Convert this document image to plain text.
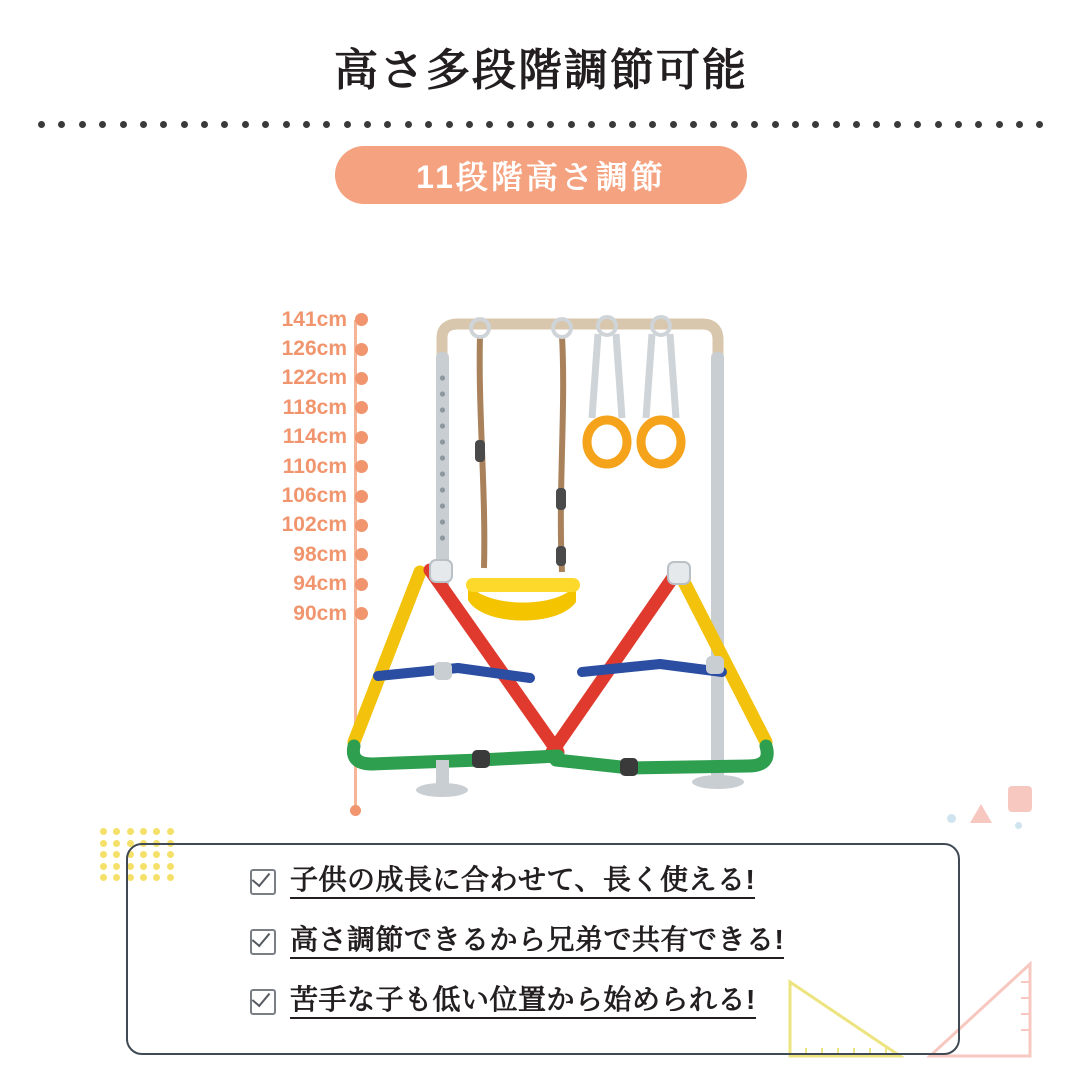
高さ多段階調節可能
11段階高さ調節
141cm
126cm
122cm
118cm
114cm
110cm
106cm
102cm
98cm
94cm
90cm
子供の成長に合わせて、長く使える!
高さ調節できるから兄弟で共有できる!
苦手な子も低い位置から始められる!
